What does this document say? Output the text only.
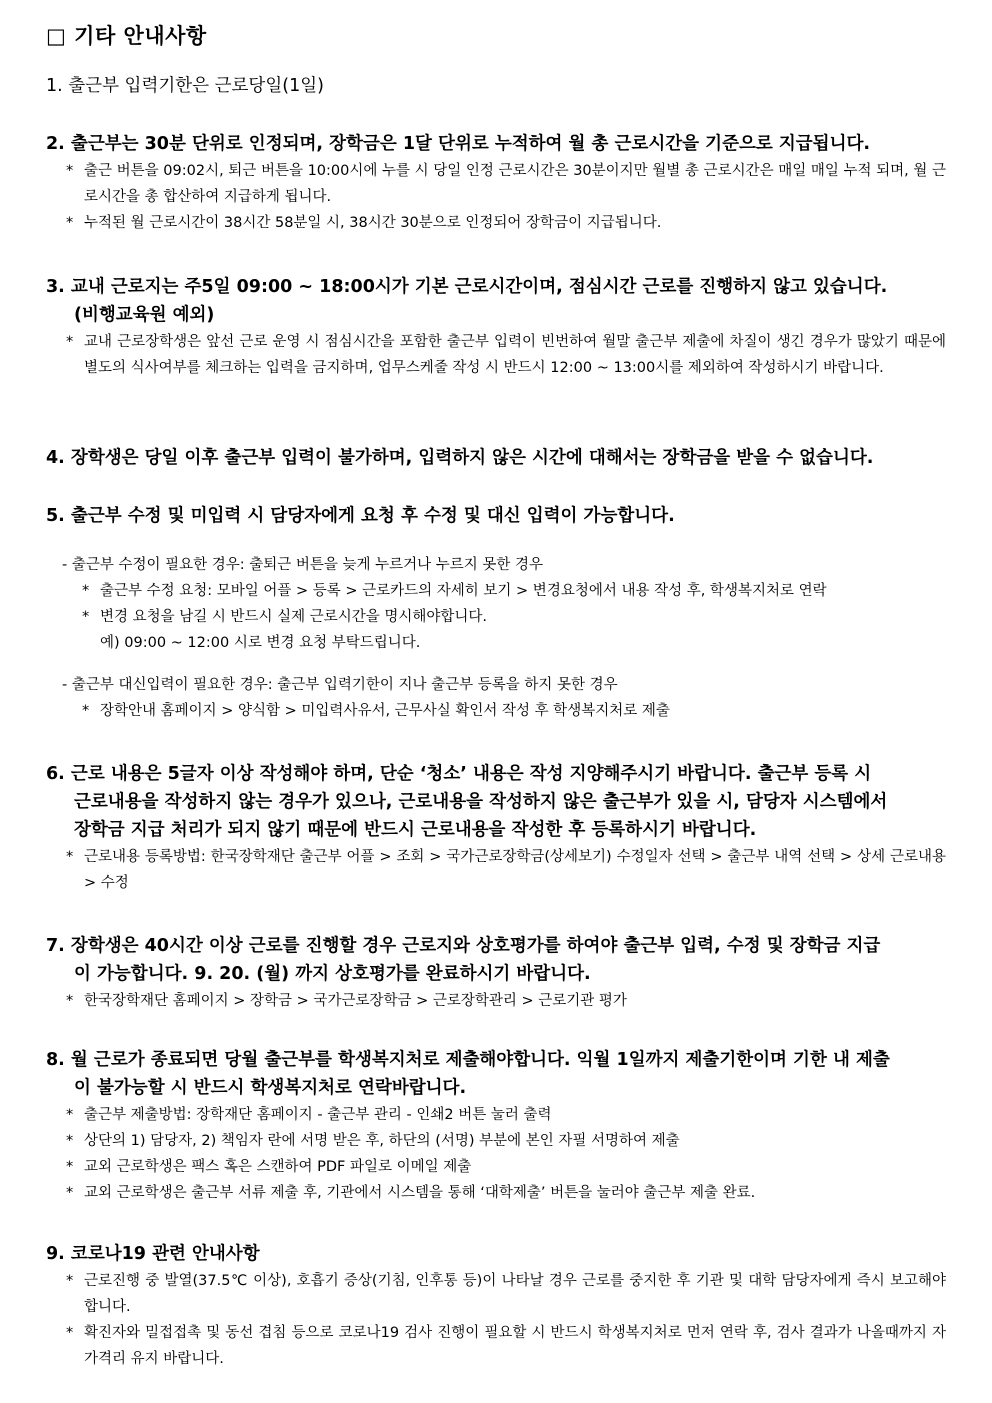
□ 기타 안내사항
1. 출근부 입력기한은 근로당일(1일)
2. 출근부는 30분 단위로 인정되며, 장학금은 1달 단위로 누적하여 월 총 근로시간을 기준으로 지급됩니다.
* 출근 버튼을 09:02시, 퇴근 버튼을 10:00시에 누를 시 당일 인정 근로시간은 30분이지만 월별 총 근로시간은 매일 매일 누적 되며, 월 근로시간을 총 합산하여 지급하게 됩니다.
* 누적된 월 근로시간이 38시간 58분일 시, 38시간 30분으로 인정되어 장학금이 지급됩니다.
3. 교내 근로지는 주5일 09:00 ~ 18:00시가 기본 근로시간이며, 점심시간 근로를 진행하지 않고 있습니다.
(비행교육원 예외)
* 교내 근로장학생은 앞선 근로 운영 시 점심시간을 포함한 출근부 입력이 빈번하여 월말 출근부 제출에 차질이 생긴 경우가 많았기 때문에 별도의 식사여부를 체크하는 입력을 금지하며, 업무스케줄 작성 시 반드시 12:00 ~ 13:00시를 제외하여 작성하시기 바랍니다.
4. 장학생은 당일 이후 출근부 입력이 불가하며, 입력하지 않은 시간에 대해서는 장학금을 받을 수 없습니다.
5. 출근부 수정 및 미입력 시 담당자에게 요청 후 수정 및 대신 입력이 가능합니다.
- 출근부 수정이 필요한 경우: 출퇴근 버튼을 늦게 누르거나 누르지 못한 경우
* 출근부 수정 요청: 모바일 어플 > 등록 > 근로카드의 자세히 보기 > 변경요청에서 내용 작성 후, 학생복지처로 연락
* 변경 요청을 남길 시 반드시 실제 근로시간을 명시해야합니다.
예) 09:00 ~ 12:00 시로 변경 요청 부탁드립니다.
- 출근부 대신입력이 필요한 경우: 출근부 입력기한이 지나 출근부 등록을 하지 못한 경우
* 장학안내 홈페이지 > 양식함 > 미입력사유서, 근무사실 확인서 작성 후 학생복지처로 제출
6. 근로 내용은 5글자 이상 작성해야 하며, 단순 ‘청소’ 내용은 작성 지양해주시기 바랍니다. 출근부 등록 시
근로내용을 작성하지 않는 경우가 있으나, 근로내용을 작성하지 않은 출근부가 있을 시, 담당자 시스템에서
장학금 지급 처리가 되지 않기 때문에 반드시 근로내용을 작성한 후 등록하시기 바랍니다.
* 근로내용 등록방법: 한국장학재단 출근부 어플 > 조회 > 국가근로장학금(상세보기) 수정일자 선택 > 출근부 내역 선택 > 상세 근로내용 > 수정
7. 장학생은 40시간 이상 근로를 진행할 경우 근로지와 상호평가를 하여야 출근부 입력, 수정 및 장학금 지급
이 가능합니다. 9. 20. (월) 까지 상호평가를 완료하시기 바랍니다.
* 한국장학재단 홈페이지 > 장학금 > 국가근로장학금 > 근로장학관리 > 근로기관 평가
8. 월 근로가 종료되면 당월 출근부를 학생복지처로 제출해야합니다. 익월 1일까지 제출기한이며 기한 내 제출
이 불가능할 시 반드시 학생복지처로 연락바랍니다.
* 출근부 제출방법: 장학재단 홈페이지 - 출근부 관리 - 인쇄2 버튼 눌러 출력
* 상단의 1) 담당자, 2) 책임자 란에 서명 받은 후, 하단의 (서명) 부분에 본인 자필 서명하여 제출
* 교외 근로학생은 팩스 혹은 스캔하여 PDF 파일로 이메일 제출
* 교외 근로학생은 출근부 서류 제출 후, 기관에서 시스템을 통해 ‘대학제출’ 버튼을 눌러야 출근부 제출 완료.
9. 코로나19 관련 안내사항
* 근로진행 중 발열(37.5℃ 이상), 호흡기 증상(기침, 인후통 등)이 나타날 경우 근로를 중지한 후 기관 및 대학 담당자에게 즉시 보고해야합니다.
* 확진자와 밀접접촉 및 동선 겹침 등으로 코로나19 검사 진행이 필요할 시 반드시 학생복지처로 먼저 연락 후, 검사 결과가 나올때까지 자가격리 유지 바랍니다.
